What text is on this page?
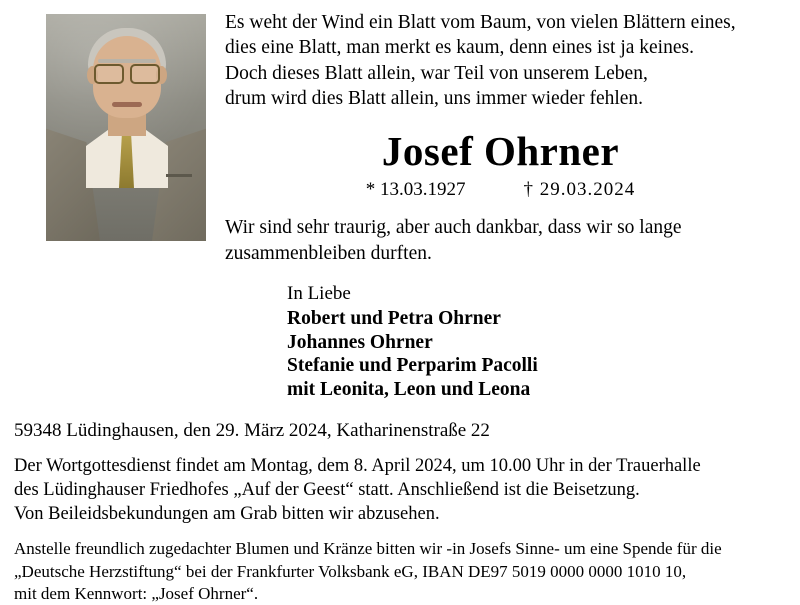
Es weht der Wind ein Blatt vom Baum, von vielen Blättern eines,
dies eine Blatt, man merkt es kaum, denn eines ist ja keines.
Doch dieses Blatt allein, war Teil von unserem Leben,
drum wird dies Blatt allein, uns immer wieder fehlen.
Josef Ohrner
* 13.03.1927	† 29.03.2024
Wir sind sehr traurig, aber auch dankbar, dass wir so lange
zusammenbleiben durften.
In Liebe
Robert und Petra Ohrner
Johannes Ohrner
Stefanie und Perparim Pacolli
mit Leonita, Leon und Leona
59348 Lüdinghausen, den 29. März 2024, Katharinenstraße 22
Der Wortgottesdienst findet am Montag, dem 8. April 2024, um 10.00 Uhr in der Trauerhalle
des Lüdinghauser Friedhofes „Auf der Geest“ statt. Anschließend ist die Beisetzung.
Von Beileidsbekundungen am Grab bitten wir abzusehen.
Anstelle freundlich zugedachter Blumen und Kränze bitten wir -in Josefs Sinne- um eine Spende für die
„Deutsche Herzstiftung“ bei der Frankfurter Volksbank eG, IBAN DE97 5019 0000 0000 1010 10,
mit dem Kennwort: „Josef Ohrner“.
